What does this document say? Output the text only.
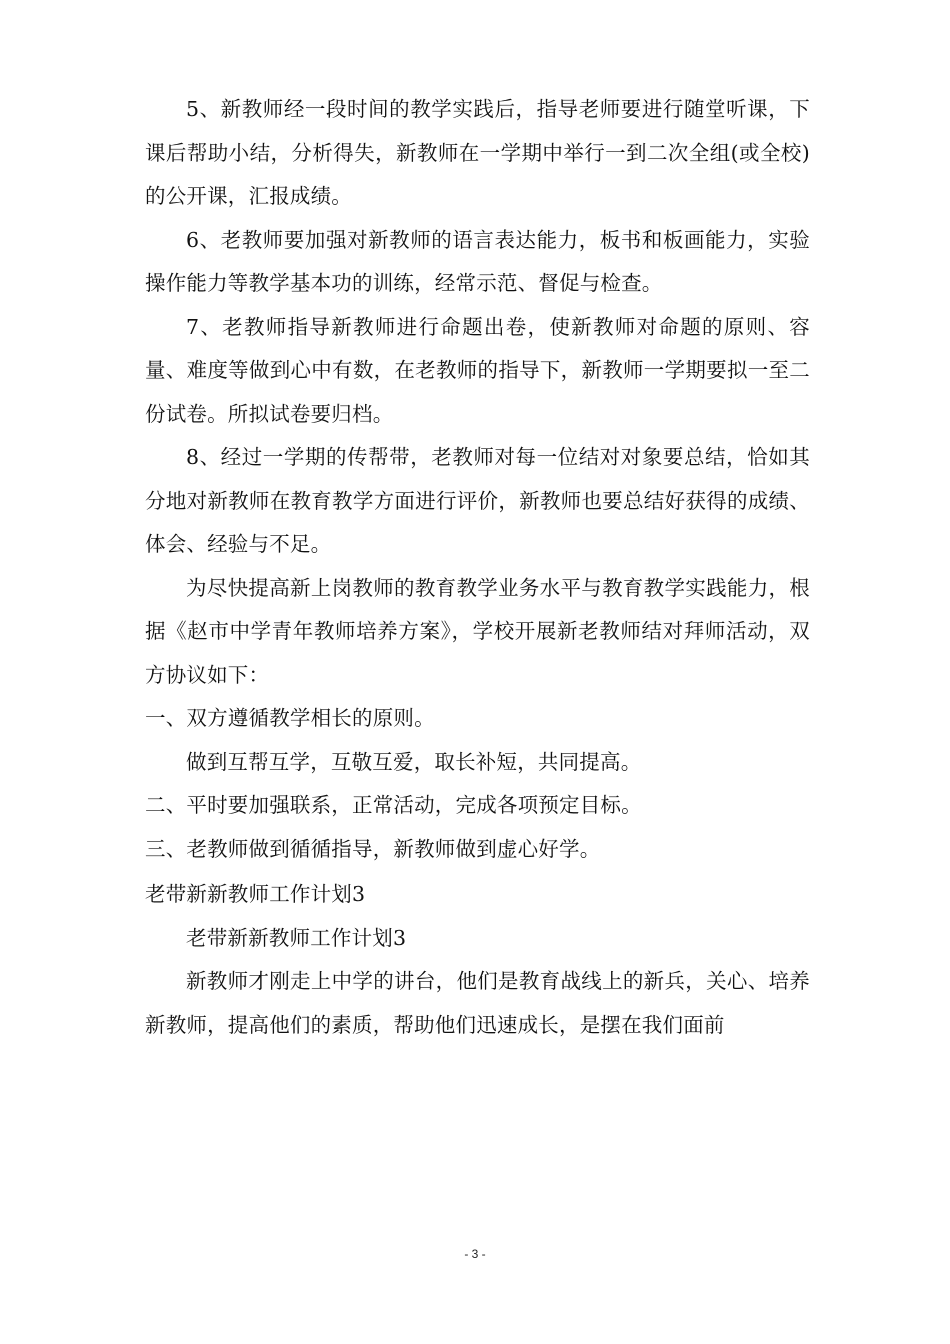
5、新教师经一段时间的教学实践后，指导老师要进行随堂听课，下课后帮助小结，分析得失，新教师在一学期中举行一到二次全组(或全校)的公开课，汇报成绩。

6、老教师要加强对新教师的语言表达能力，板书和板画能力，实验操作能力等教学基本功的训练，经常示范、督促与检查。

7、老教师指导新教师进行命题出卷，使新教师对命题的原则、容量、难度等做到心中有数，在老教师的指导下，新教师一学期要拟一至二份试卷。所拟试卷要归档。

8、经过一学期的传帮带，老教师对每一位结对对象要总结，恰如其分地对新教师在教育教学方面进行评价，新教师也要总结好获得的成绩、体会、经验与不足。

为尽快提高新上岗教师的教育教学业务水平与教育教学实践能力，根据《赵市中学青年教师培养方案》，学校开展新老教师结对拜师活动，双方协议如下：

一、双方遵循教学相长的原则。

做到互帮互学，互敬互爱，取长补短，共同提高。

二、平时要加强联系，正常活动，完成各项预定目标。

三、老教师做到循循指导，新教师做到虚心好学。

老带新新教师工作计划3

老带新新教师工作计划3

新教师才刚走上中学的讲台，他们是教育战线上的新兵，关心、培养新教师，提高他们的素质，帮助他们迅速成长，是摆在我们面前

- 3 -
